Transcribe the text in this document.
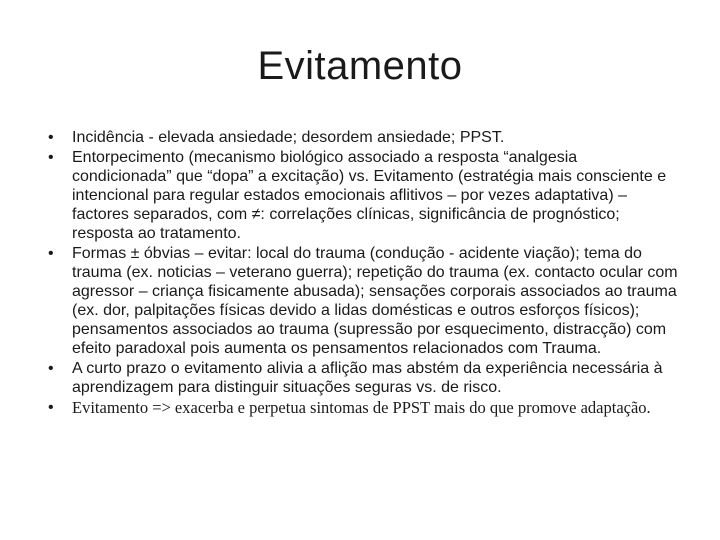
Evitamento
•	Incidência - elevada ansiedade; desordem ansiedade; PPST.
•	Entorpecimento (mecanismo biológico associado a resposta “analgesia condicionada” que “dopa” a excitação) vs. Evitamento (estratégia mais consciente e intencional para regular estados emocionais aflitivos – por vezes adaptativa) – factores separados, com ≠: correlações clínicas, significância de prognóstico; resposta ao tratamento.
•	Formas ± óbvias – evitar: local do trauma (condução - acidente viação); tema do trauma (ex. noticias – veterano guerra); repetição do trauma (ex. contacto ocular com agressor – criança fisicamente abusada); sensações corporais associados ao trauma (ex. dor, palpitações físicas devido a lidas domésticas e outros esforços físicos); pensamentos associados ao trauma (supressão por esquecimento, distracção) com efeito paradoxal pois aumenta os pensamentos relacionados com Trauma.
•	A curto prazo o evitamento alivia a aflição mas abstém da experiência necessária à aprendizagem para distinguir situações seguras vs. de risco.
•	Evitamento => exacerba e perpetua sintomas de PPST mais do que promove adaptação.
